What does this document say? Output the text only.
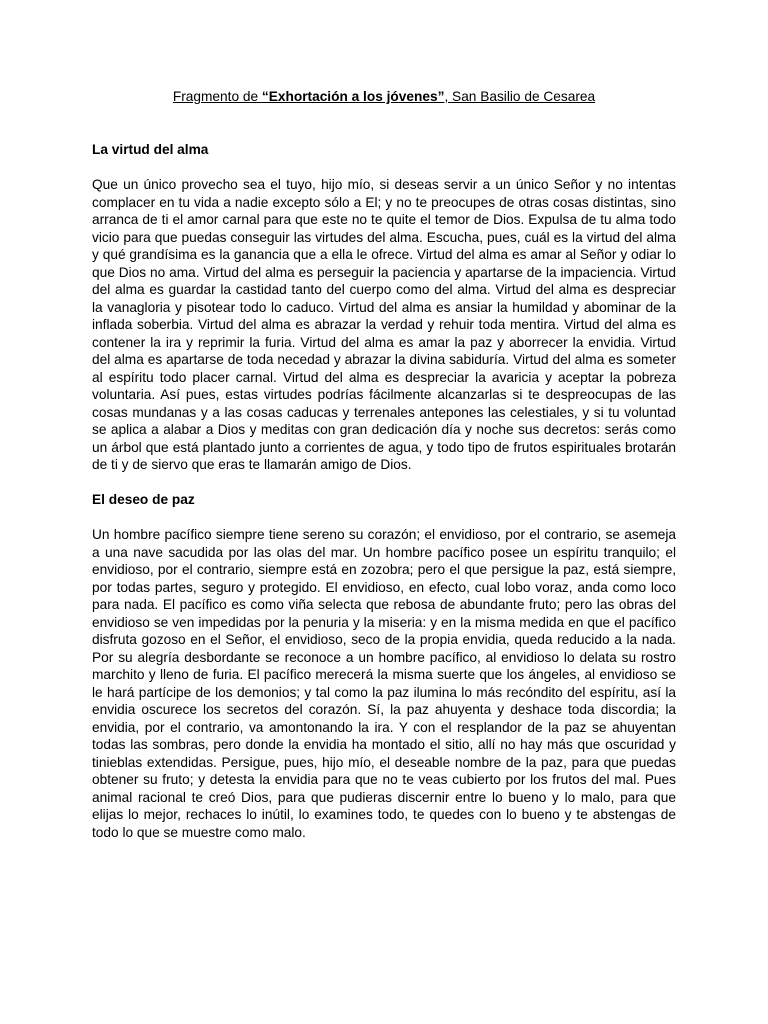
Fragmento de “Exhortación a los jóvenes”, San Basilio de Cesarea

La virtud del alma

Que un único provecho sea el tuyo, hijo mío, si deseas servir a un único Señor y no intentas complacer en tu vida a nadie excepto sólo a El; y no te preocupes de otras cosas distintas, sino arranca de ti el amor carnal para que este no te quite el temor de Dios. Expulsa de tu alma todo vicio para que puedas conseguir las virtudes del alma. Escucha, pues, cuál es la virtud del alma y qué grandísima es la ganancia que a ella le ofrece. Virtud del alma es amar al Señor y odiar lo que Dios no ama. Virtud del alma es perseguir la paciencia y apartarse de la impaciencia. Virtud del alma es guardar la castidad tanto del cuerpo como del alma. Virtud del alma es despreciar la vanagloria y pisotear todo lo caduco. Virtud del alma es ansiar la humildad y abominar de la inflada soberbia. Virtud del alma es abrazar la verdad y rehuir toda mentira. Virtud del alma es contener la ira y reprimir la furia. Virtud del alma es amar la paz y aborrecer la envidia. Virtud del alma es apartarse de toda necedad y abrazar la divina sabiduría. Virtud del alma es someter al espíritu todo placer carnal. Virtud del alma es despreciar la avaricia y aceptar la pobreza voluntaria. Así pues, estas virtudes podrías fácilmente alcanzarlas si te despreocupas de las cosas mundanas y a las cosas caducas y terrenales antepones las celestiales, y si tu voluntad se aplica a alabar a Dios y meditas con gran dedicación día y noche sus decretos: serás como un árbol que está plantado junto a corrientes de agua, y todo tipo de frutos espirituales brotarán de ti y de siervo que eras te llamarán amigo de Dios.

El deseo de paz

Un hombre pacífico siempre tiene sereno su corazón; el envidioso, por el contrario, se asemeja a una nave sacudida por las olas del mar. Un hombre pacífico posee un espíritu tranquilo; el envidioso, por el contrario, siempre está en zozobra; pero el que persigue la paz, está siempre, por todas partes, seguro y protegido. El envidioso, en efecto, cual lobo voraz, anda como loco para nada. El pacífico es como viña selecta que rebosa de abundante fruto; pero las obras del envidioso se ven impedidas por la penuria y la miseria: y en la misma medida en que el pacífico disfruta gozoso en el Señor, el envidioso, seco de la propia envidia, queda reducido a la nada. Por su alegría desbordante se reconoce a un hombre pacífico, al envidioso lo delata su rostro marchito y lleno de furia. El pacífico merecerá la misma suerte que los ángeles, al envidioso se le hará partícipe de los demonios; y tal como la paz ilumina lo más recóndito del espíritu, así la envidia oscurece los secretos del corazón. Sí, la paz ahuyenta y deshace toda discordia; la envidia, por el contrario, va amontonando la ira. Y con el resplandor de la paz se ahuyentan todas las sombras, pero donde la envidia ha montado el sitio, allí no hay más que oscuridad y tinieblas extendidas. Persigue, pues, hijo mío, el deseable nombre de la paz, para que puedas obtener su fruto; y detesta la envidia para que no te veas cubierto por los frutos del mal. Pues animal racional te creó Dios, para que pudieras discernir entre lo bueno y lo malo, para que elijas lo mejor, rechaces lo inútil, lo examines todo, te quedes con lo bueno y te abstengas de todo lo que se muestre como malo.
